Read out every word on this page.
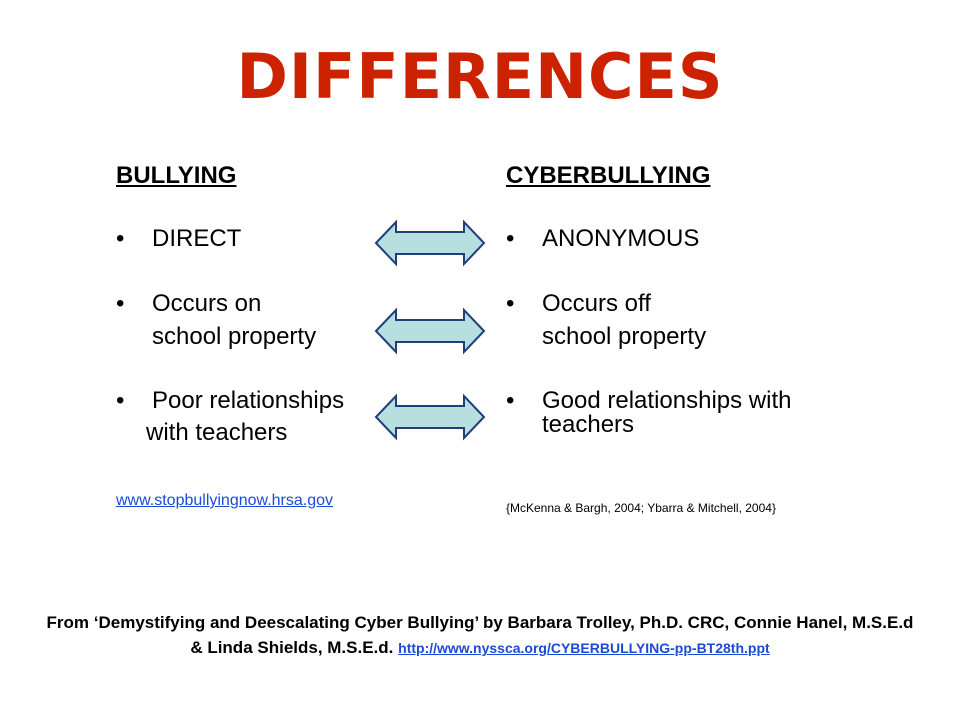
DIFFERENCES
BULLYING
• DIRECT
• Occurs on
school property
• Poor relationships
with teachers
www.stopbullyingnow.hrsa.gov
CYBERBULLYING
• ANONYMOUS
• Occurs off
school property
• Good relationships with
teachers
{McKenna & Bargh, 2004; Ybarra & Mitchell, 2004}
From ‘Demystifying and Deescalating Cyber Bullying’ by Barbara Trolley, Ph.D. CRC, Connie Hanel, M.S.E.d & Linda Shields, M.S.E.d. http://www.nyssca.org/CYBERBULLYING-pp-BT28th.ppt
